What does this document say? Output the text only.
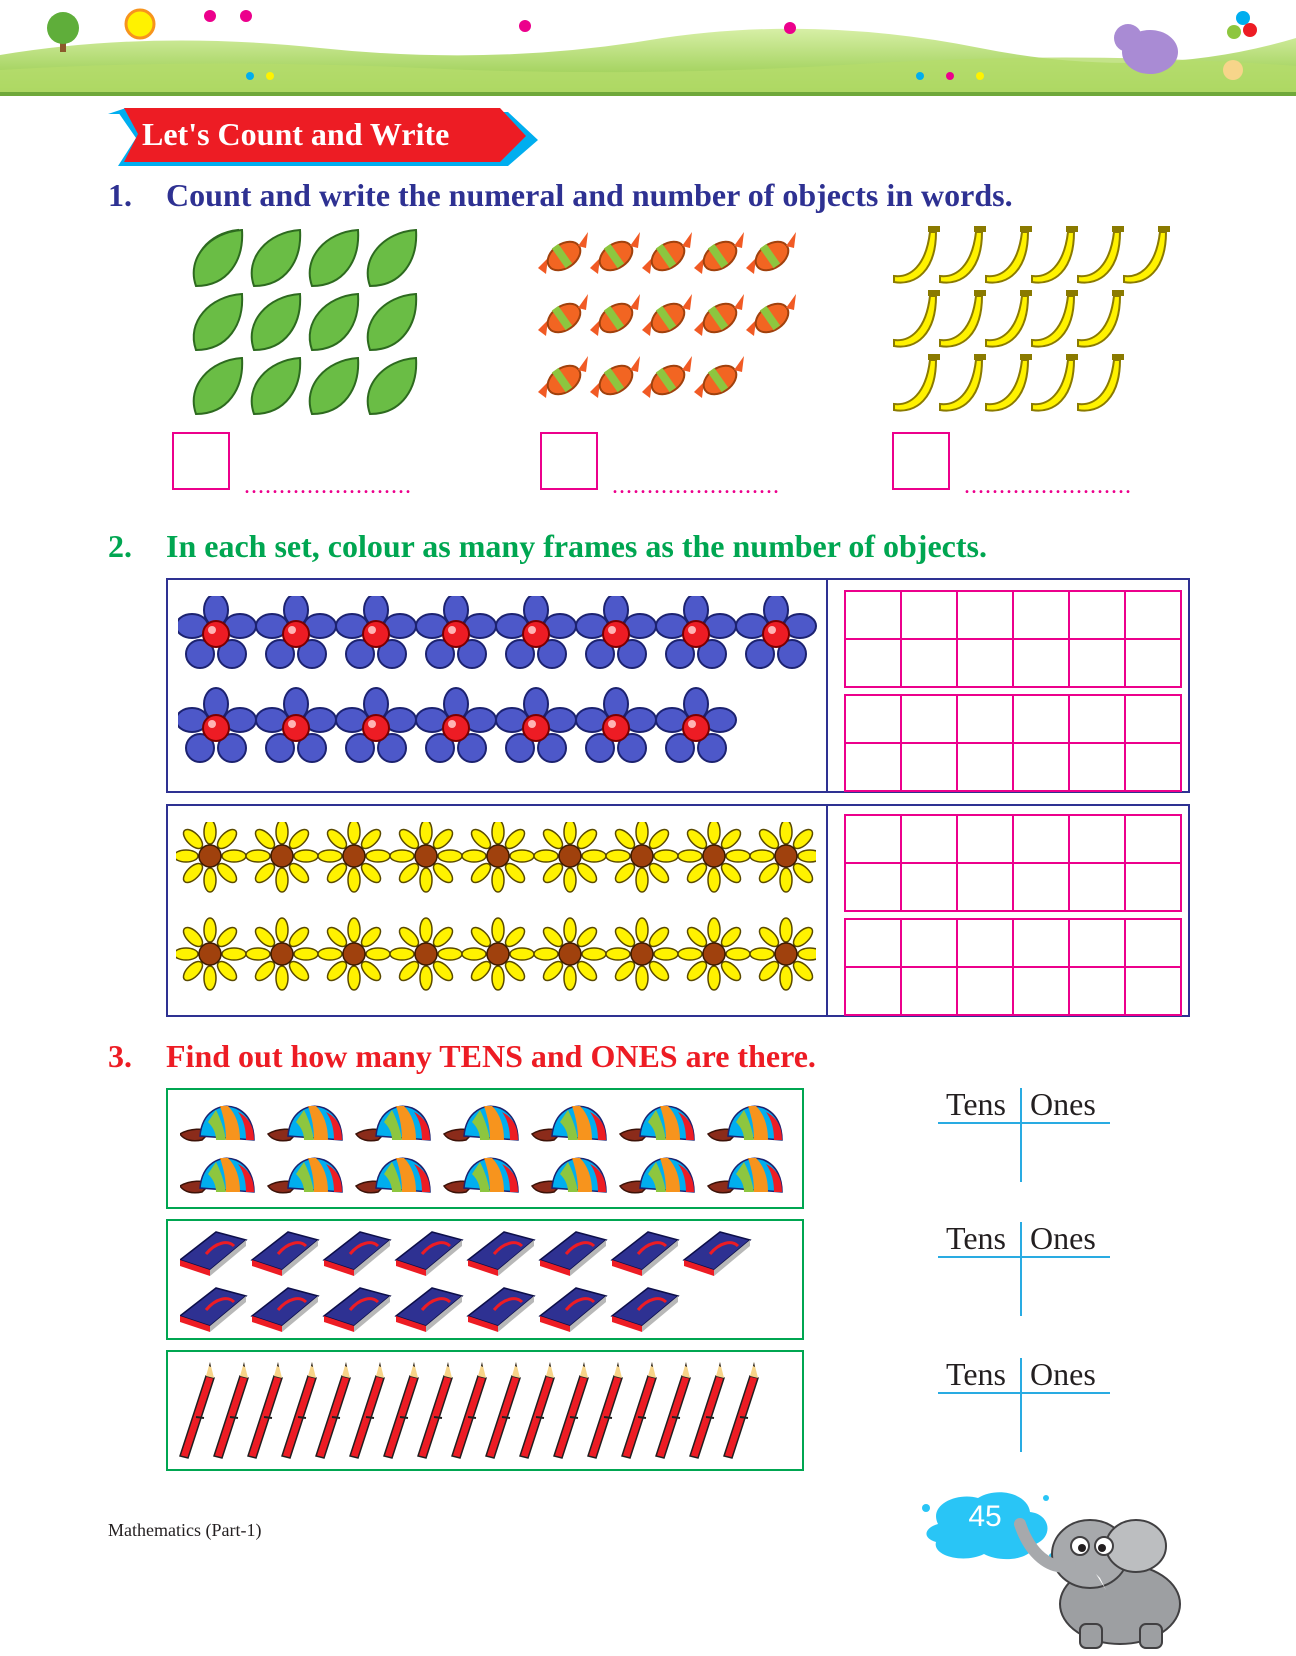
Let's Count and Write
1. Count and write the numeral and number of objects in words.
........................	........................	........................
2. In each set, colour as many frames as the number of objects.

3. Find out how many TENS and ONES are there.
Tens Ones
Tens Ones
Tens Ones
Mathematics (Part-1)	45
